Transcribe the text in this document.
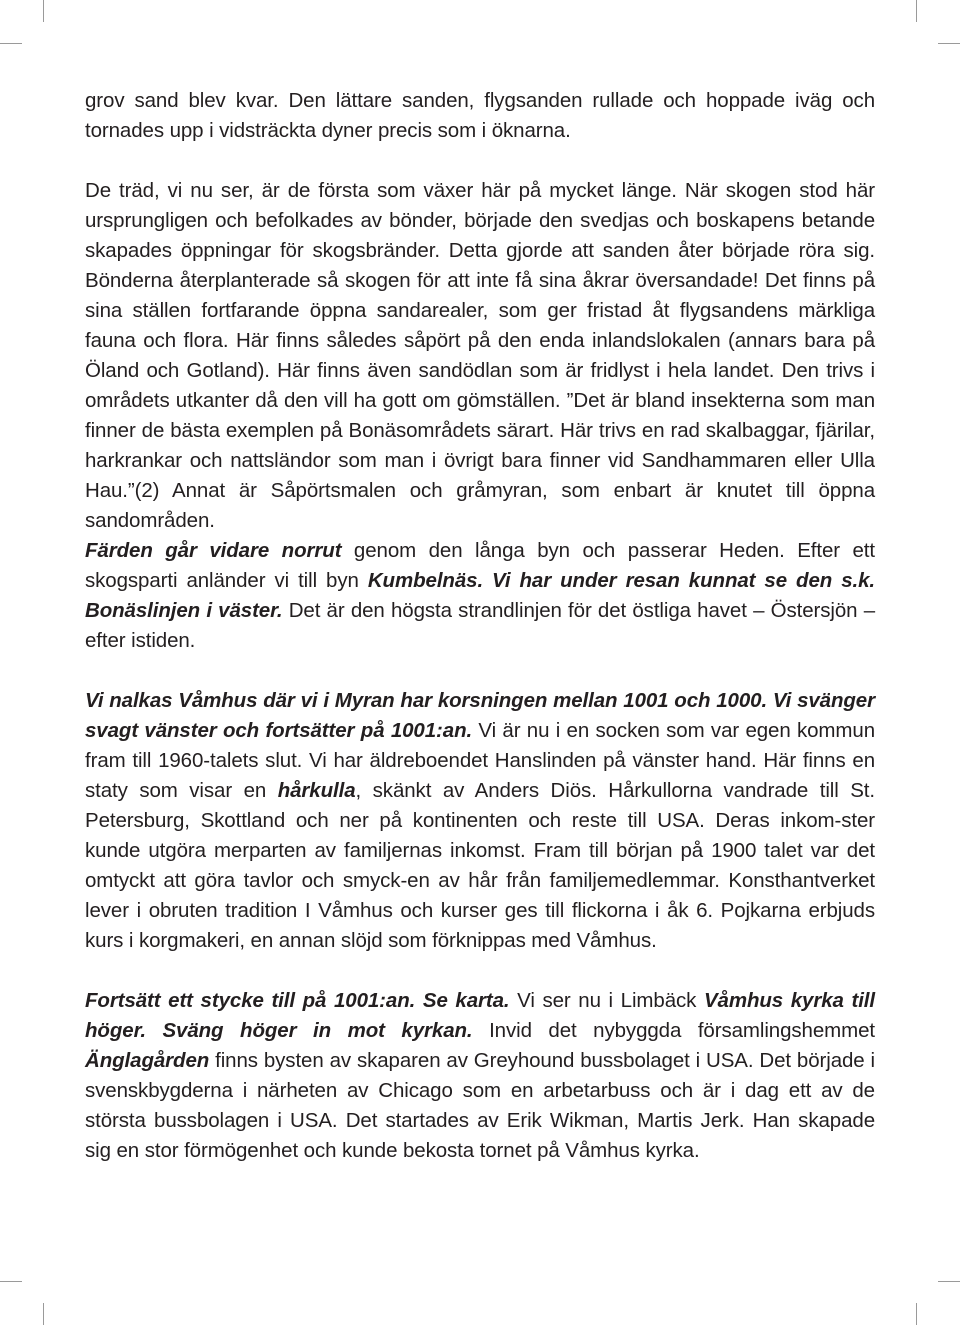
grov sand blev kvar. Den lättare sanden, flygsanden rullade och hoppade iväg och tornades upp i vidsträckta dyner precis som i öknarna.

De träd, vi nu ser, är de första som växer här på mycket länge. När skogen stod här ursprungligen och befolkades av bönder, började den svedjas och boskapens betande skapades öppningar för skogsbränder. Detta gjorde att sanden åter började röra sig. Bönderna återplanterade så skogen för att inte få sina åkrar översandade! Det finns på sina ställen fortfarande öppna sandarealer, som ger fristad åt flygsandens märkliga fauna och flora. Här finns således såpört på den enda inlandslokalen (annars bara på Öland och Gotland). Här finns även sandödlan som är fridlyst i hela landet. Den trivs i områdets utkanter då den vill ha gott om gömställen. ”Det är bland insekterna som man finner de bästa exemplen på Bonäsområdets särart. Här trivs en rad skalbaggar, fjärilar, harkrankar och nattsländor som man i övrigt bara finner vid Sandhammaren eller Ulla Hau.”(2) Annat är Såpörtsmalen och gråmyran, som enbart är knutet till öppna sandområden.

Färden går vidare norrut genom den långa byn och passerar Heden. Efter ett skogsparti anländer vi till byn Kumbelnäs. Vi har under resan kunnat se den s.k. Bonäslinjen i väster. Det är den högsta strandlinjen för det östliga havet – Östersjön – efter istiden.

Vi nalkas Våmhus där vi i Myran har korsningen mellan 1001 och 1000. Vi svänger svagt vänster och fortsätter på 1001:an. Vi är nu i en socken som var egen kommun fram till 1960-talets slut. Vi har äldreboendet Hanslinden på vänster hand. Här finns en staty som visar en hårkulla, skänkt av Anders Diös. Hårkullorna vandrade till St. Petersburg, Skottland och ner på kontinenten och reste till USA. Deras inkom-ster kunde utgöra merparten av familjernas inkomst. Fram till början på 1900 talet var det omtyckt att göra tavlor och smyck-en av hår från familjemedlemmar. Konsthantverket lever i obruten tradition I Våmhus och kurser ges till flickorna i åk 6. Pojkarna erbjuds kurs i korgmakeri, en annan slöjd som förknippas med Våmhus.

Fortsätt ett stycke till på 1001:an. Se karta. Vi ser nu i Limbäck Våmhus kyrka till höger. Sväng höger in mot kyrkan. Invid det nybyggda församlingshemmet Änglagården finns bysten av skaparen av Greyhound bussbolaget i USA. Det började i svenskbygderna i närheten av Chicago som en arbetarbuss och är i dag ett av de största bussbolagen i USA. Det startades av Erik Wikman, Martis Jerk. Han skapade sig en stor förmögenhet och kunde bekosta tornet på Våmhus kyrka.
